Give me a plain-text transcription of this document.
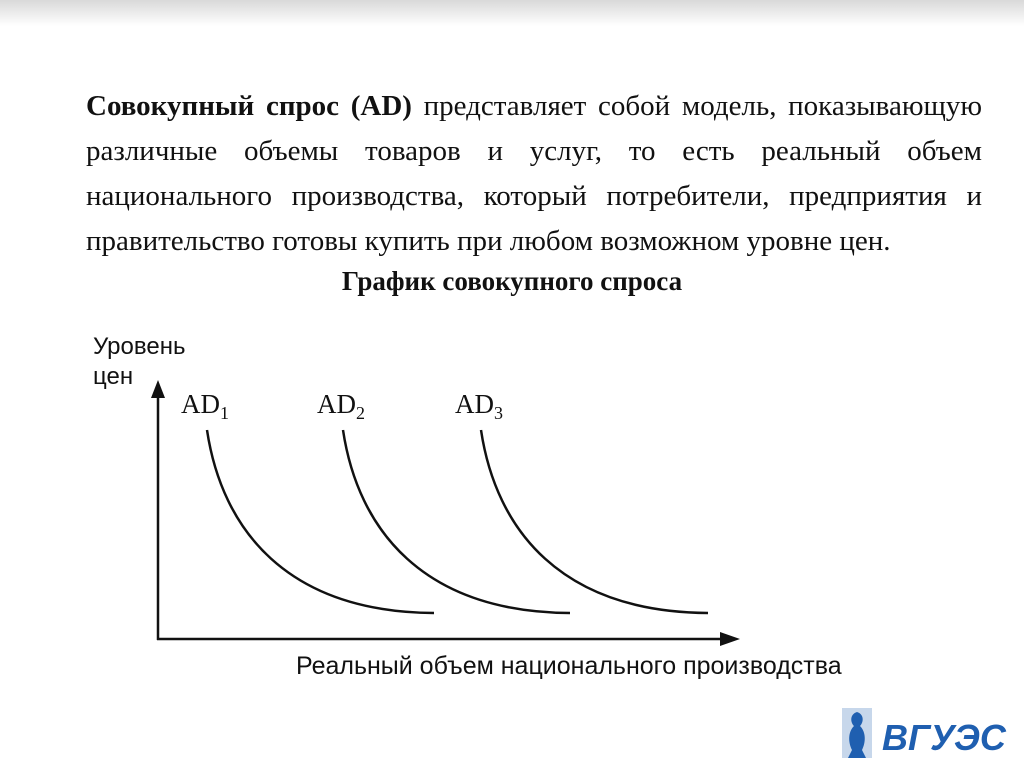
Совокупный спрос (AD) представляет собой модель, показывающую различные объемы товаров и услуг, то есть реальный объем национального производства, который потребители, предприятия и правительство готовы купить при любом возможном уровне цен.

График совокупного спроса

Уровень
цен
Реальный объем национального производства
$AD_1$	$AD_2$	$AD_3$
ВГУЭС
